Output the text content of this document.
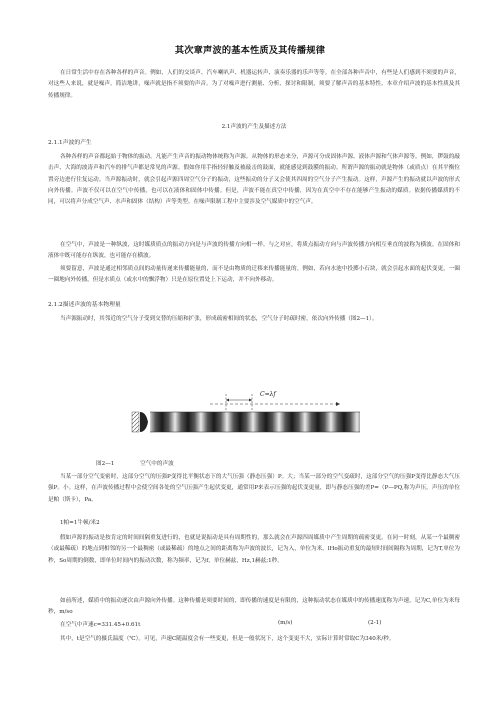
其次章声波的基本性质及其传播规律

在日常生活中存在各种各样的声音。例如，人们的交谈声、汽车喇叭声、机器运转声、演奏乐器的乐声等等。在全部各种声音中，有些是人们感到不须要的声音，对这些人来说，就是噪声。简洁地讲，噪声就是指不须要的声音。为了对噪声进行测量、分析、探讨和限制，须要了解声音的基本特性。本章介绍声波的基本性质及其传播规律。

2.1声波的产生及描述方法
2.1.1声波的产生

各种各样的声音都起始于物体的振动。凡能产生声音的振动物体统称为声源。从物体的形态来分，声源可分成固体声源、液体声源和气体声源等。例如，锣鼓的敲击声、大海的波涛声和汽车的排气声都是常见的声源。假如你用手指轻轻触及被敲击的鼓面，就能感觉到鼓膜的振动。所谓声源的振动就是物体（或质点）在其平衡位置旁边进行往复运动。当声源振动时，就会引起声源四周空气分子的振动，这些振动的分子又会使其四周的空气分子产生振动。这样，声源产生的振动就以声波的形式向外传播。声波不仅可以在空气中传播，也可以在液体和固体中传播。但是，声波不能在真空中传播，因为在真空中不存在能够产生振动的媒质。依据传播媒质的不同，可以将声分成空气声、水声和固体（结构）声等类型。在噪声限制工程中主要涉及空气媒质中的空气声。

在空气中，声波是一种纵波，这时媒质质点的振动方向是与声波的传播方向相一样。与之对应，将质点振动方向与声波传播方向相互垂直的波称为横波。在固体和液体中既可能存在纵波，也可能存在横波。

须要留意，声波是通过相邻质点间的动量传递来传播能量的，而不是由物质的迁移来传播能量的。例如，若向水池中投掷小石块，就会引起水面的起伏变更，一圈一圈地向外传播，但是水质点（或水中的飘浮物）只是在原位置处上下运动，并不向外移动。

2.1.2描述声波的基本物理量

当声源振动时，其邻近的空气分子受到交替的压缩和扩张，形成疏密相间的状态，空气分子时疏时密，依次向外传播（图2—1）。

C=λf
图2—1	空气中的声波

当某一部分空气变密时，这部分空气的压强P变得比平衡状态下的大气压强（静态压强）P。大；当某一部分的空气变疏时，这部分空气的压强P变得比静态大气压强P。小。这样，在声波传播过程中会使空间各处的空气压强产生起伏变更，通常用P来表示压强的起伏变更量，即与静态压强的差P=（P—PQ,称为声压。声压的单位是帕（斯卡），Pa。

1帕=1牛顿/米2

假如声源的振动是按肯定的时间间隔重复进行的，也就是说振动是具有周期性的，那么就会在声源四周媒质中产生周期的疏密变更。在同一时刻，从某一个最稠密（或最稀疏）的地点到相邻的另一个最稠密（或最稀疏）的地点之间的距离称为声波的波长，记为入，单位为米，lHo振动重复的最短时间间隔称为周期，记为T,单位为秒，So周期的倒数，即单位时间内的振动次数，称为频率，记为f，单位赫兹，Hz,1赫兹;1秒。

在空气中声速c=331.45+0.61t	(m/s)	(2-1)

如前所述，媒质中的振动逐次由声源向外传播。这种传播是须要时间的，即传播的速度是有限的，这种振动状态在媒质中的传播速度称为声速，记为C,单位为米每秒，m/so

其中，t是空气的摄氏温度（℃）。可见，声速C随温度会有一些变更，但是一般状况下，这个变更不大，实际计算时常取C为340米/秒。
